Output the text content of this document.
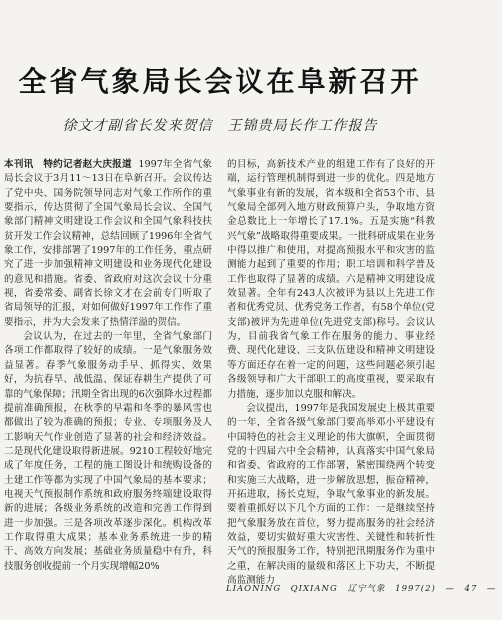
全省气象局长会议在阜新召开
徐文才副省长发来贺信　王锦贵局长作工作报告

本刊讯　特约记者赵大庆报道 1997年全省气象局长会议于3月11～13日在阜新召开。会议传达了党中央、国务院领导同志对气象工作所作的重要指示，传达贯彻了全国气象局长会议、全国气象部门精神文明建设工作会议和全国气象科技扶贫开发工作会议精神，总结回顾了1996年全省气象工作，安排部署了1997年的工作任务，重点研究了进一步加强精神文明建设和业务现代化建设的意见和措施。省委、省政府对这次会议十分重视，省委常委、副省长徐文才在会前专门听取了省局领导的汇报，对如何做好1997年工作作了重要指示，并为大会发来了热情洋溢的贺信。

会议认为，在过去的一年里，全省气象部门各项工作都取得了较好的成绩。一是气象服务效益显著。春季气象服务动手早、抓得实、效果好，为抗春旱、战低温、保证春耕生产提供了可靠的气象保障；汛期全省出现的6次强降水过程都提前准确预报，在秋季的早霜和冬季的暴风雪也都做出了较为准确的预报；专业、专项服务及人工影响天气作业创造了显著的社会和经济效益。二是现代化建设取得新进展。9210工程较好地完成了年度任务，工程的施工图设计和统购设备的土建工作等都为实现了中国气象局的基本要求；电视天气预报制作系统和政府服务终端建设取得新的进展；各级业务系统的改造和完善工作得到进一步加强。三是各项改革逐步深化。机构改革工作取得重大成果；基本业务系统进一步的精干、高效方向发展；基础业务质量稳中有升，科技服务创收提前一个月实现增幅20%

的目标，高新技术产业的组建工作有了良好的开端，运行管理机制得到进一步的优化。四是地方气象事业有新的发展，省本级和全省53个市、县气象局全部列入地方财政预算户头，争取地方资金总数比上一年增长了17.1%。五是实施“科教兴气象”战略取得重要成果。一批科研成果在业务中得以推广和使用，对提高预报水平和灾害的监测能力起到了重要的作用；职工培训和科学普及工作也取得了显著的成绩。六是精神文明建设成效显著。全年有243人次被评为县以上先进工作者和优秀党员、优秀党务工作者，有58个单位(党支部)被评为先进单位(先进党支部)称号。会议认为，目前我省气象工作在服务的能力、事业经费、现代化建设、三支队伍建设和精神文明建设等方面还存在着一定的问题，这些问题必须引起各级领导和广大干部职工的高度重视，要采取有力措施，逐步加以克服和解决。

会议提出，1997年是我国发展史上极其重要的一年，全省各级气象部门要高举邓小平建设有中国特色的社会主义理论的伟大旗帜，全面贯彻党的十四届六中全会精神，认真落实中国气象局和省委、省政府的工作部署，紧密围绕两个转变和实施三大战略，进一步解放思想，振奋精神，开拓进取，扬长克短，争取气象事业的新发展。要着重抓好以下几个方面的工作：一是继续坚持把气象服务放在首位，努力提高服务的社会经济效益，要切实做好重大灾害性、关键性和转折性天气的预报服务工作，特别把汛期服务作为重中之重，在解决雨的量级和落区上下功夫，不断提高监测能力

LIAONING　QIXIANG 辽宁气象 1997(2) —　47　—
